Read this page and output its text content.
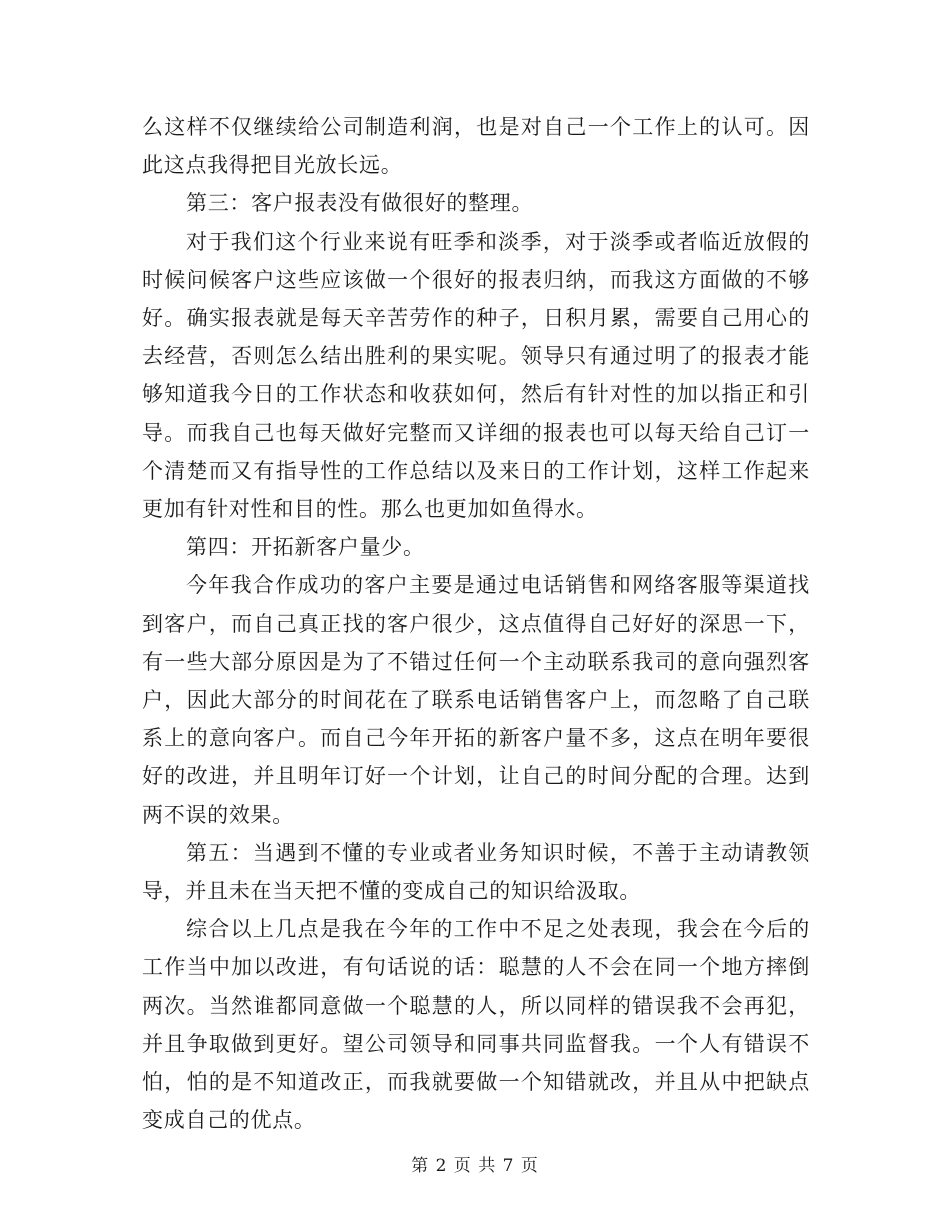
么这样不仅继续给公司制造利润，也是对自己一个工作上的认可。因此这点我得把目光放长远。

第三：客户报表没有做很好的整理。

对于我们这个行业来说有旺季和淡季，对于淡季或者临近放假的时候问候客户这些应该做一个很好的报表归纳，而我这方面做的不够好。确实报表就是每天辛苦劳作的种子，日积月累，需要自己用心的去经营，否则怎么结出胜利的果实呢。领导只有通过明了的报表才能够知道我今日的工作状态和收获如何，然后有针对性的加以指正和引导。而我自己也每天做好完整而又详细的报表也可以每天给自己订一个清楚而又有指导性的工作总结以及来日的工作计划，这样工作起来更加有针对性和目的性。那么也更加如鱼得水。

第四：开拓新客户量少。

今年我合作成功的客户主要是通过电话销售和网络客服等渠道找到客户，而自己真正找的客户很少，这点值得自己好好的深思一下，有一些大部分原因是为了不错过任何一个主动联系我司的意向强烈客户，因此大部分的时间花在了联系电话销售客户上，而忽略了自己联系上的意向客户。而自己今年开拓的新客户量不多，这点在明年要很好的改进，并且明年订好一个计划，让自己的时间分配的合理。达到两不误的效果。

第五：当遇到不懂的专业或者业务知识时候，不善于主动请教领导，并且未在当天把不懂的变成自己的知识给汲取。

综合以上几点是我在今年的工作中不足之处表现，我会在今后的工作当中加以改进，有句话说的话：聪慧的人不会在同一个地方摔倒两次。当然谁都同意做一个聪慧的人，所以同样的错误我不会再犯，并且争取做到更好。望公司领导和同事共同监督我。一个人有错误不怕，怕的是不知道改正，而我就要做一个知错就改，并且从中把缺点变成自己的优点。

第 2 页 共 7 页
